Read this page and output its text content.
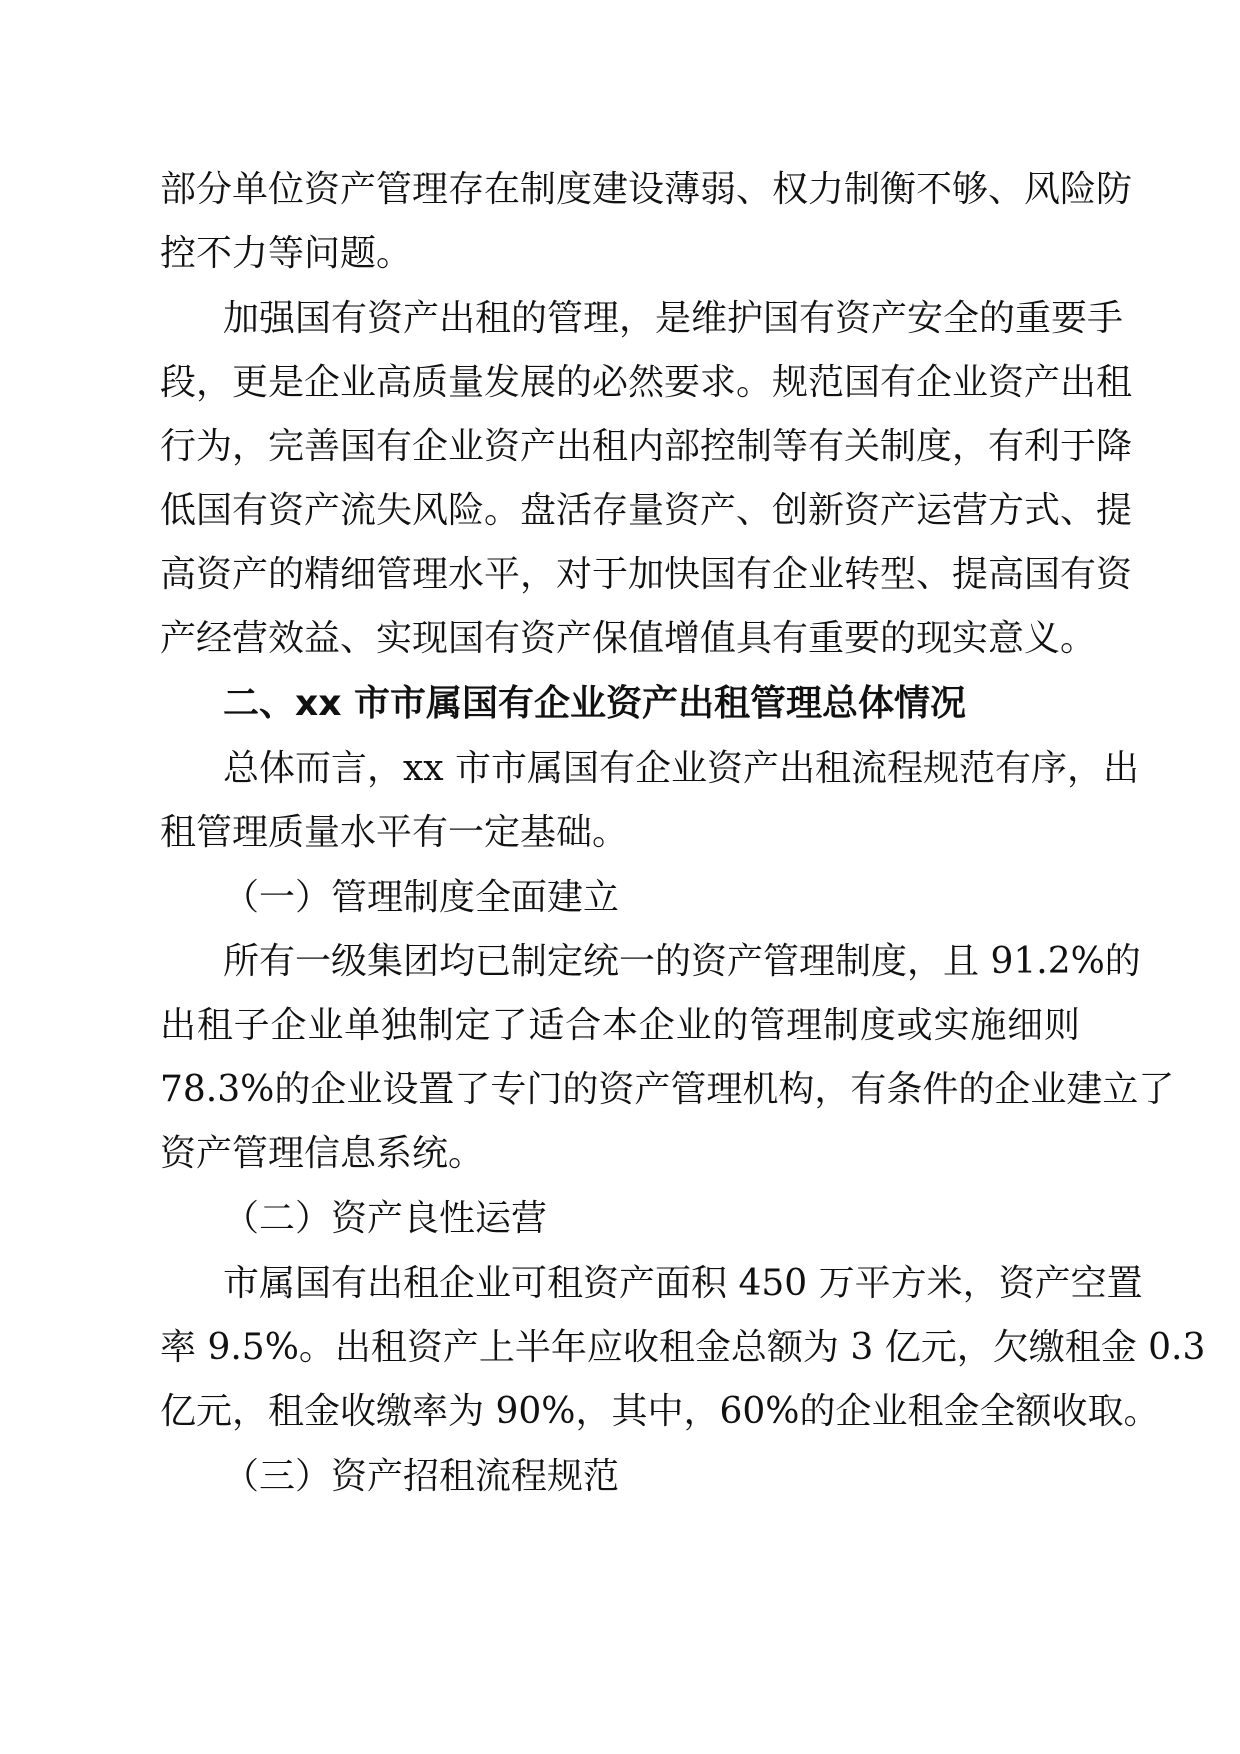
部分单位资产管理存在制度建设薄弱、权力制衡不够、风险防
控不力等问题。
加强国有资产出租的管理，是维护国有资产安全的重要手
段，更是企业高质量发展的必然要求。规范国有企业资产出租
行为，完善国有企业资产出租内部控制等有关制度，有利于降
低国有资产流失风险。盘活存量资产、创新资产运营方式、提
高资产的精细管理水平，对于加快国有企业转型、提高国有资
产经营效益、实现国有资产保值增值具有重要的现实意义。
二、xx 市市属国有企业资产出租管理总体情况
总体而言，xx 市市属国有企业资产出租流程规范有序，出
租管理质量水平有一定基础。
（一）管理制度全面建立
所有一级集团均已制定统一的资产管理制度，且 91.2%的
出租子企业单独制定了适合本企业的管理制度或实施细则
78.3%的企业设置了专门的资产管理机构，有条件的企业建立了
资产管理信息系统。
（二）资产良性运营
市属国有出租企业可租资产面积 450 万平方米，资产空置
率 9.5%。出租资产上半年应收租金总额为 3 亿元，欠缴租金 0.3
亿元，租金收缴率为 90%，其中，60%的企业租金全额收取。
（三）资产招租流程规范
